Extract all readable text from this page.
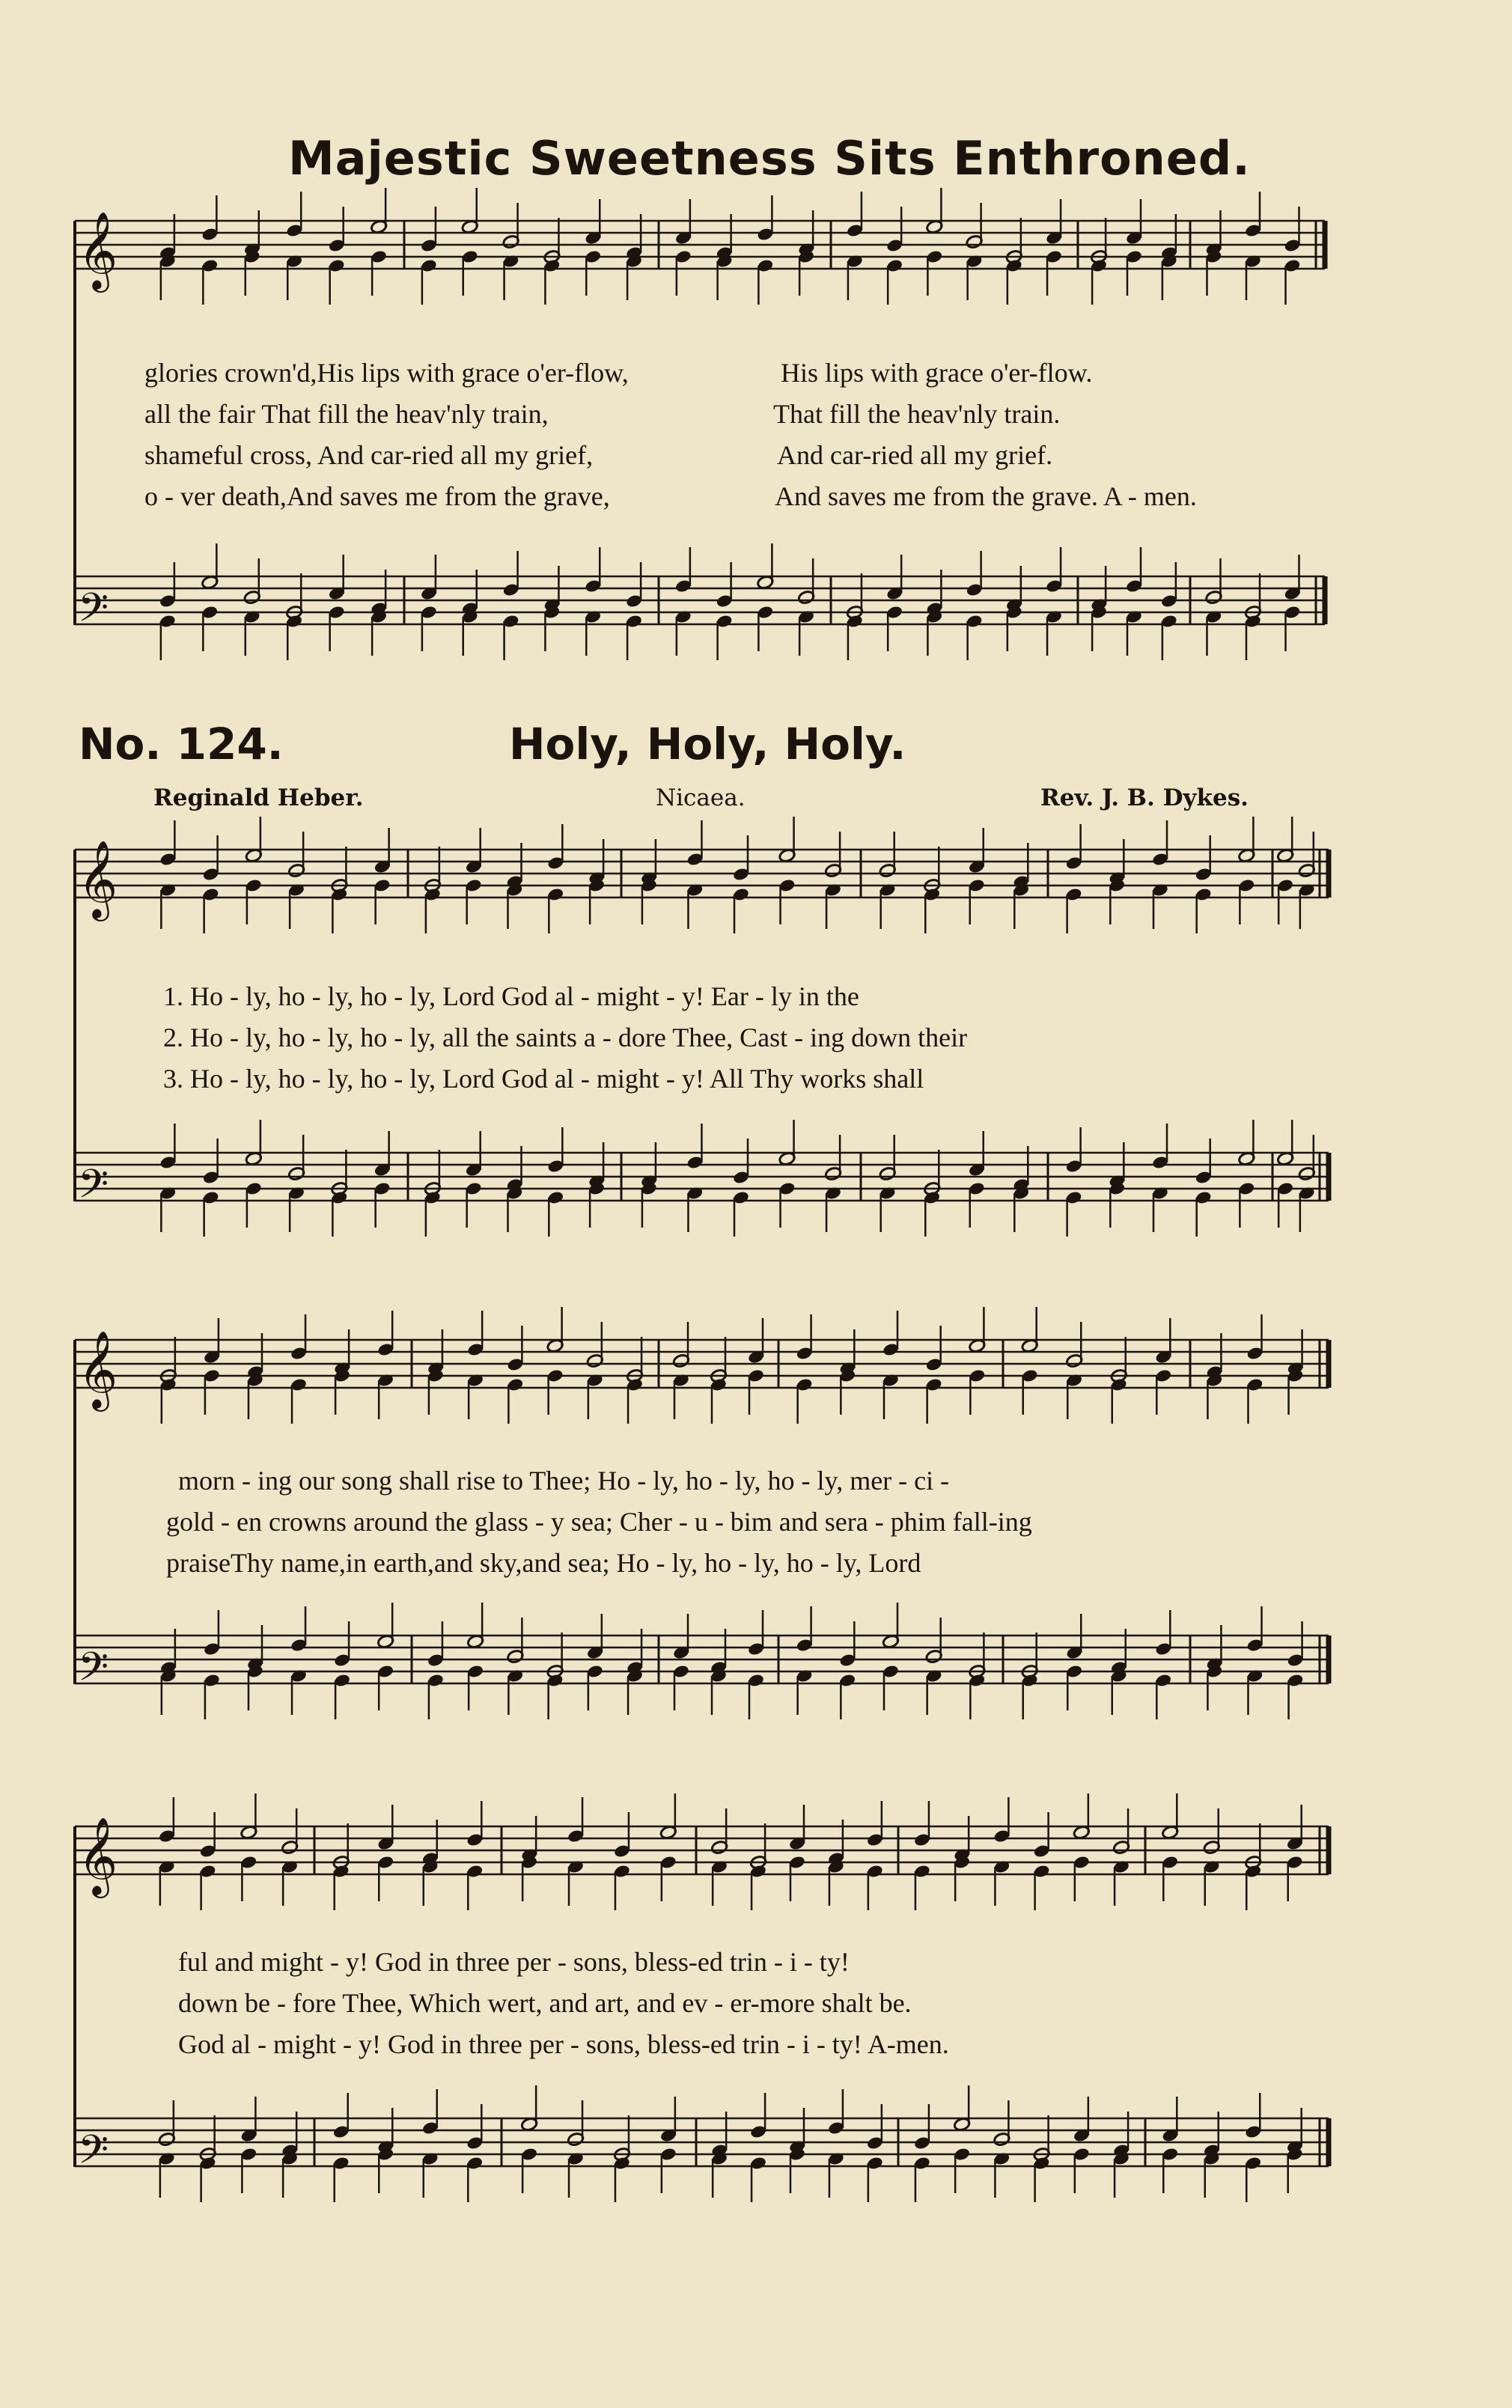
Majestic Sweetness Sits Enthroned.
𝄞
𝄢
𝄞
𝄢
𝄞
𝄢
𝄞
𝄢
glories crown'd,His lips with grace o'er-flow,	His lips with grace o'er-flow.
all the fair That fill the heav'nly train,	That fill the heav'nly train.
shameful cross, And car-ried all my grief,	And car-ried all my grief.
o - ver death,And saves me from the grave,	And saves me from the grave. A - men.
No. 124.	Holy, Holy, Holy.
Reginald Heber.	Nicaea.	Rev. J. B. Dykes.
1. Ho - ly, ho - ly, ho - ly, Lord God al - might - y! Ear - ly in the
2. Ho - ly, ho - ly, ho - ly, all the saints a - dore Thee, Cast - ing down their
3. Ho - ly, ho - ly, ho - ly, Lord God al - might - y! All Thy works shall
morn - ing our song shall rise to Thee; Ho - ly, ho - ly, ho - ly, mer - ci -
gold - en crowns around the glass - y sea; Cher - u - bim and sera - phim fall-ing
praiseThy name,in earth,and sky,and sea; Ho - ly, ho - ly, ho - ly, Lord
ful and might - y! God in three per - sons, bless-ed trin - i - ty!
down be - fore Thee, Which wert, and art, and ev - er-more shalt be.
God al - might - y! God in three per - sons, bless-ed trin - i - ty! A-men.
